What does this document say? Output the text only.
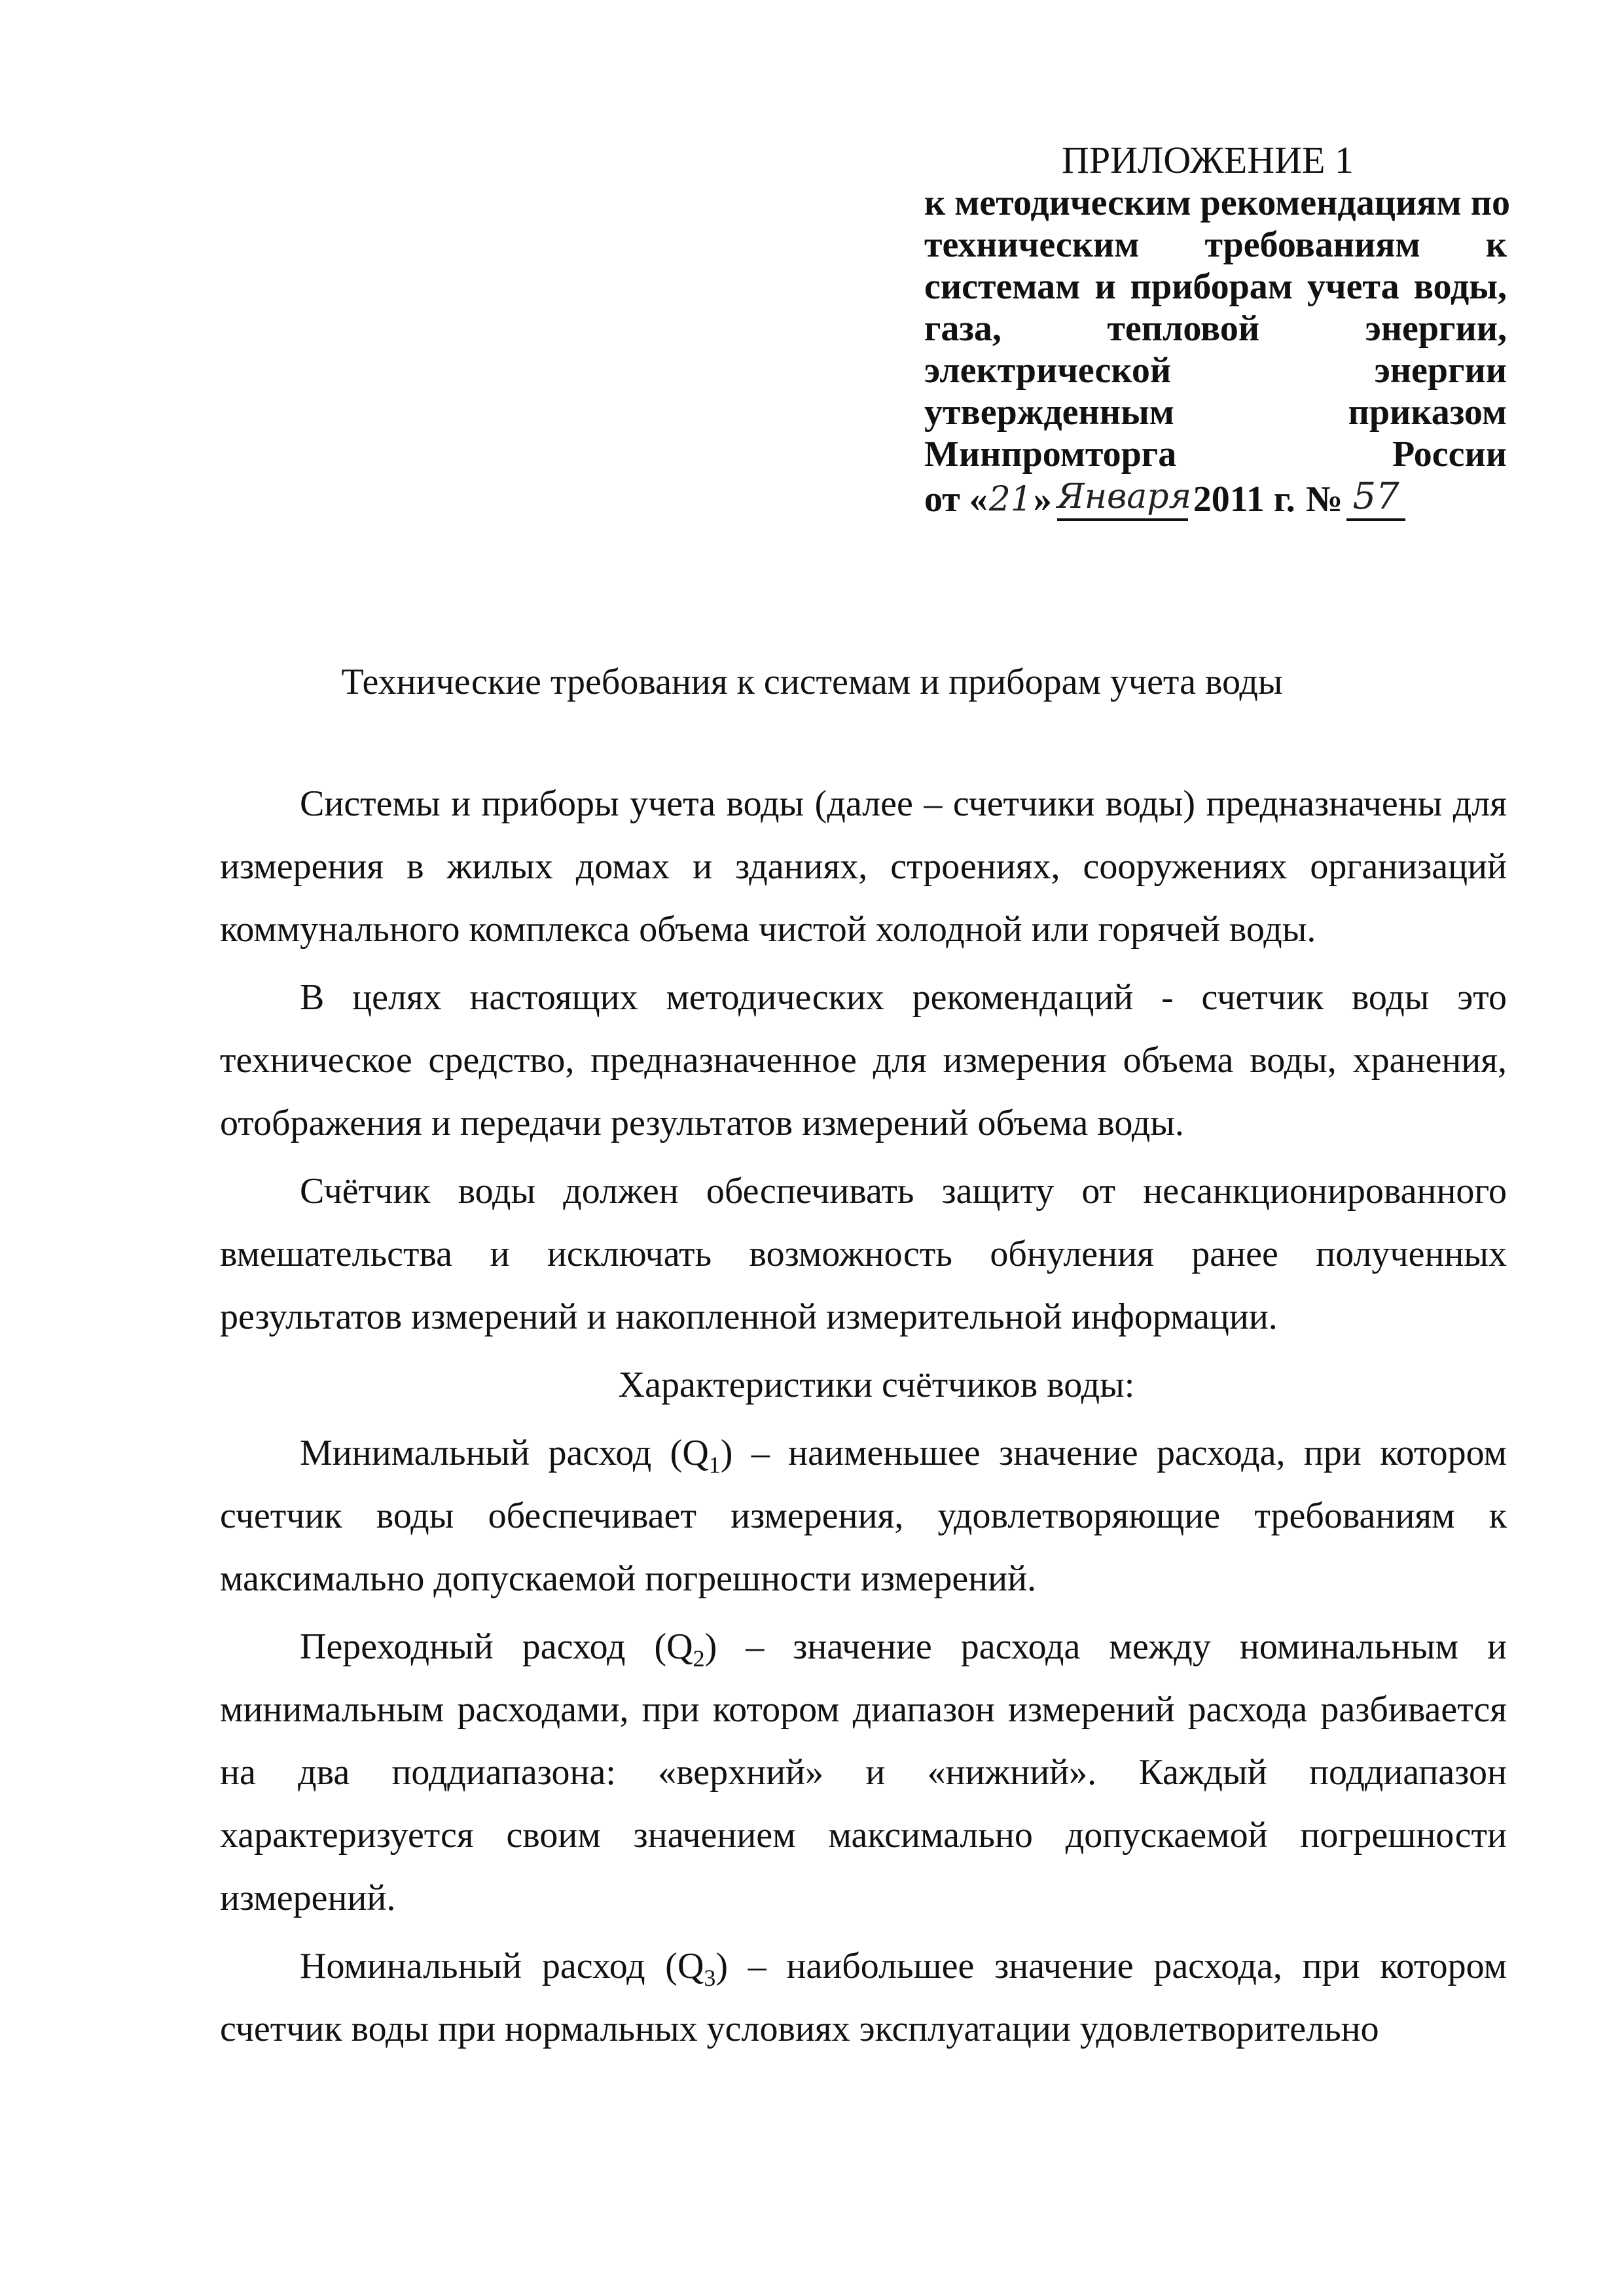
ПРИЛОЖЕНИЕ 1
к методическим рекомендациям по
техническим требованиям к
системам и приборам учета воды,
газа, тепловой энергии,
электрической энергии
утвержденным приказом
Минпромторга России
от « 21 » Января 2011 г. № 57
Технические требования к системам и приборам учета воды

Системы и приборы учета воды (далее – счетчики воды) предназначены для измерения в жилых домах и зданиях, строениях, сооружениях организаций коммунального комплекса объема чистой холодной или горячей воды.

В целях настоящих методических рекомендаций - счетчик воды это техническое средство, предназначенное для измерения объема воды, хранения, отображения и передачи результатов измерений объема воды.

Счётчик воды должен обеспечивать защиту от несанкционированного вмешательства и исключать возможность обнуления ранее полученных результатов измерений и накопленной измерительной информации.

Характеристики счётчиков воды:

Минимальный расход $(Q_1)$ – наименьшее значение расхода, при котором счетчик воды обеспечивает измерения, удовлетворяющие требованиям к максимально допускаемой погрешности измерений.

Переходный расход $(Q_2)$ – значение расхода между номинальным и минимальным расходами, при котором диапазон измерений расхода разбивается на два поддиапазона: «верхний» и «нижний». Каждый поддиапазон характеризуется своим значением максимально допускаемой погрешности измерений.

Номинальный расход $(Q_3)$ – наибольшее значение расхода, при котором счетчик воды при нормальных условиях эксплуатации удовлетворительно
